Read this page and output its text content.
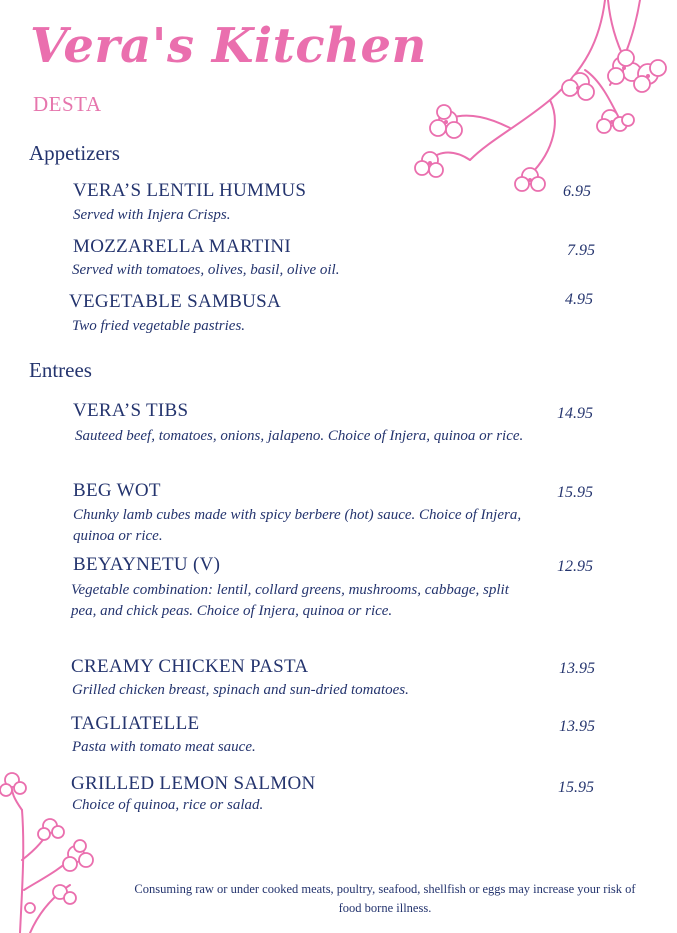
Vera's Kitchen
DESTA
Appetizers
VERA’S LENTIL HUMMUS
Served with Injera Crisps.
6.95
MOZZARELLA MARTINI
Served with tomatoes, olives, basil, olive oil.
7.95
VEGETABLE SAMBUSA
Two fried vegetable pastries.
4.95
Entrees
VERA’S TIBS
Sauteed beef, tomatoes, onions, jalapeno. Choice of Injera, quinoa or rice.
14.95
BEG WOT
Chunky lamb cubes made with spicy berbere (hot) sauce. Choice of Injera, quinoa or rice.
15.95
BEYAYNETU (V)
Vegetable combination: lentil, collard greens, mushrooms, cabbage, split pea, and chick peas. Choice of Injera, quinoa or rice.
12.95
CREAMY CHICKEN PASTA
Grilled chicken breast, spinach and sun-dried tomatoes.
13.95
TAGLIATELLE
Pasta with tomato meat sauce.
13.95
GRILLED LEMON SALMON
Choice of quinoa, rice or salad.
15.95
Consuming raw or under cooked meats, poultry, seafood, shellfish or eggs may increase your risk of food borne illness.
